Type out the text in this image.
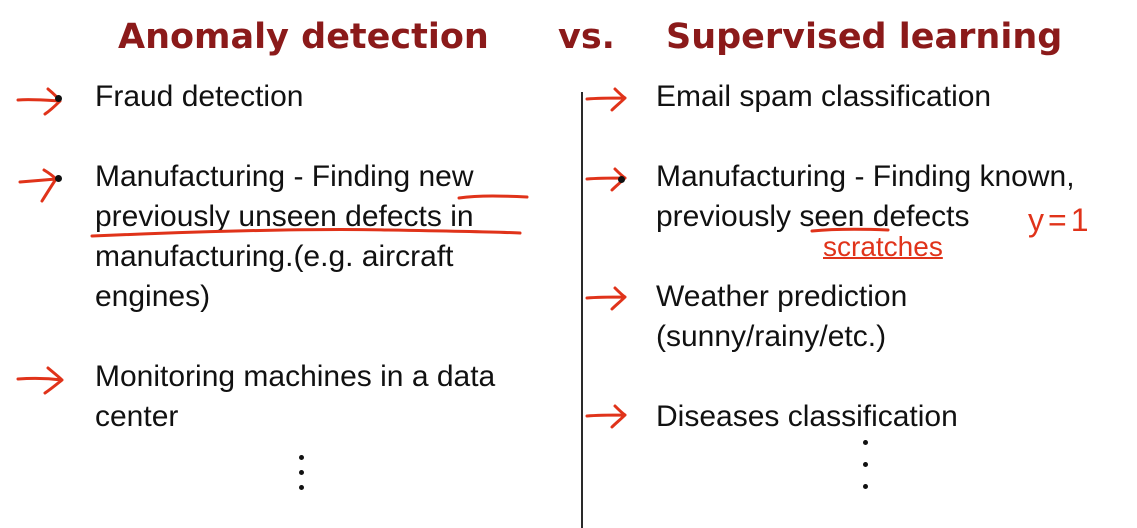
Anomaly detection vs. Supervised learning
Fraud detection
Manufacturing - Finding new
previously unseen defects in
manufacturing.(e.g. aircraft
engines)
Monitoring machines in a data
center
Email spam classification
Manufacturing - Finding known,
previously seen defects
scratches
y=1
Weather prediction
(sunny/rainy/etc.)
Diseases classification
